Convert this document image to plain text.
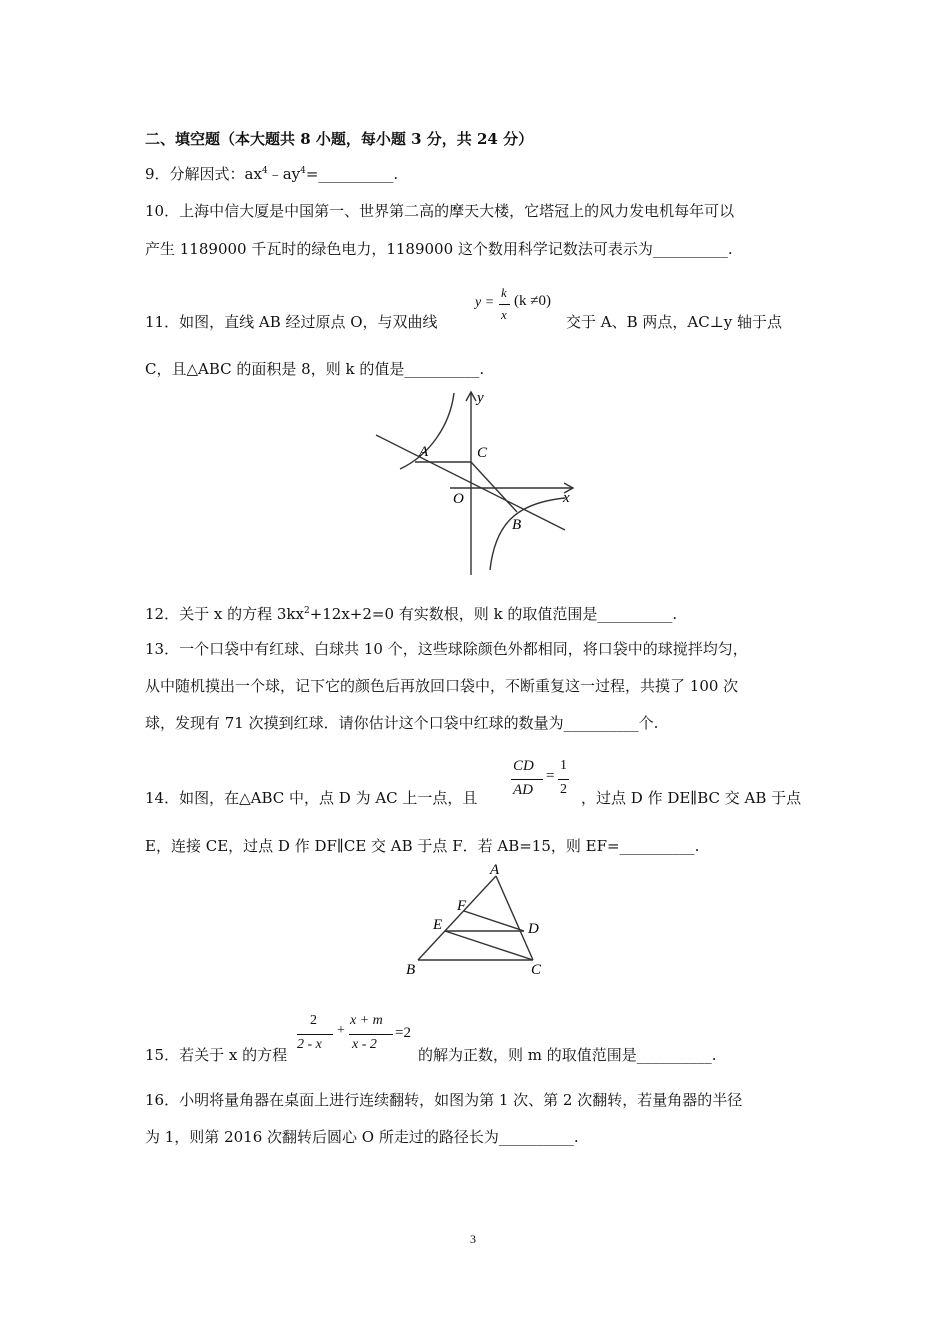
二、填空题（本大题共 8 小题，每小题 3 分，共 24 分）
9．分解因式：$ax^4﹣ay^4=\_\_\_\_\_\_\_\_\_\_$.
10．上海中信大厦是中国第一、世界第二高的摩天大楼，它塔冠上的风力发电机每年可以
产生 1189000 千瓦时的绿色电力，1189000 这个数用科学记数法可表示为__________.
11．如图，直线 AB 经过原点 O，与双曲线
y =
k
x
(k ≠0)
交于 A、B 两点，AC⊥y 轴于点
C，且△ABC 的面积是 8，则 k 的值是__________.
y
x
A	C
O
B
12．关于 x 的方程 $3kx^2+12x+2=0$ 有实数根，则 k 的取值范围是__________.
13．一个口袋中有红球、白球共 10 个，这些球除颜色外都相同，将口袋中的球搅拌均匀，
从中随机摸出一个球，记下它的颜色后再放回口袋中，不断重复这一过程，共摸了 100 次
球，发现有 71 次摸到红球．请你估计这个口袋中红球的数量为__________个.
14．如图，在△ABC 中，点 D 为 AC 上一点，且
CD
AD
=
1
2 ，过点 D 作 DE∥BC 交 AB 于点
E，连接 CE，过点 D 作 DF∥CE 交 AB 于点 F．若 AB=15，则 EF=__________.
A
F
E	D
B	C
15．若关于 x 的方程
2
2 - x
+
x + m
x - 2
=2
的解为正数，则 m 的取值范围是__________.
16．小明将量角器在桌面上进行连续翻转，如图为第 1 次、第 2 次翻转，若量角器的半径
为 1，则第 2016 次翻转后圆心 O 所走过的路径长为__________.
3
